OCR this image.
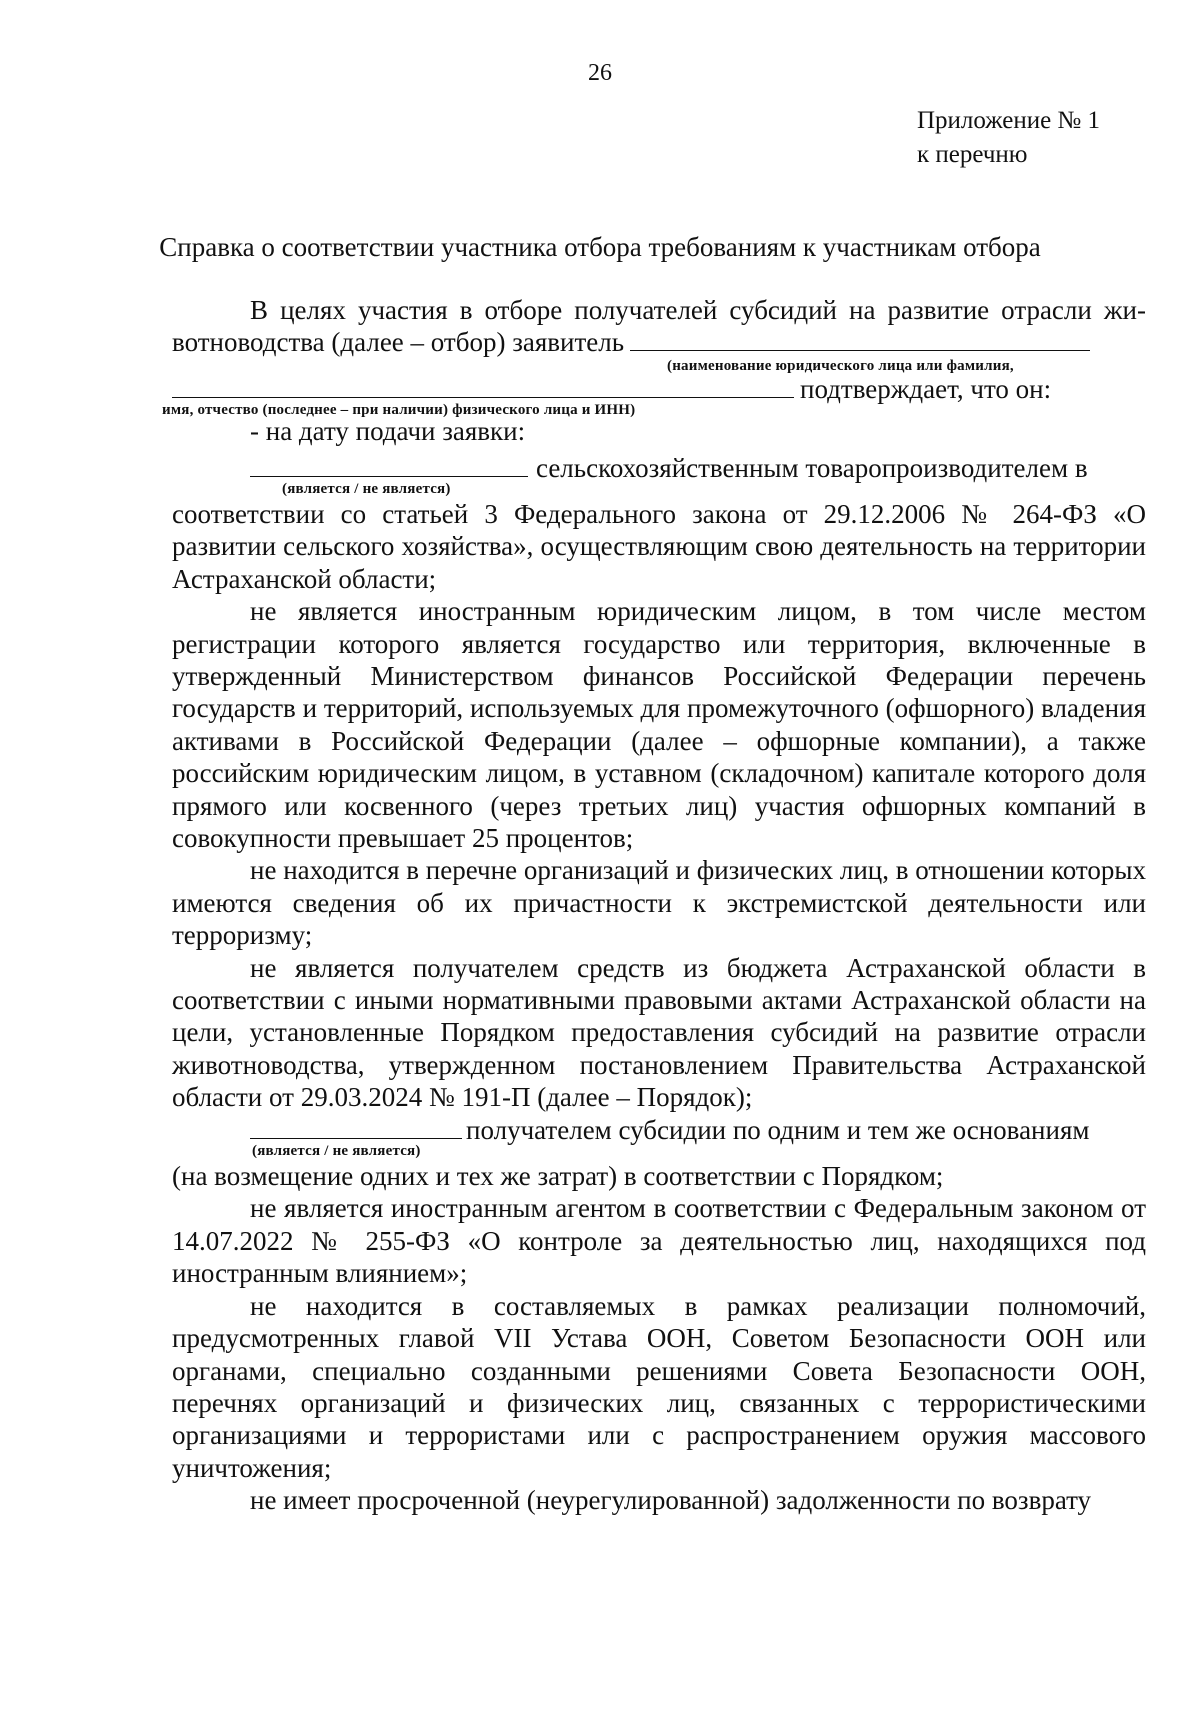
26
Приложение № 1
к перечню
Справка о соответствии участника отбора требованиям к участникам отбора

В целях участия в отборе получателей субсидий на развитие отрасли жи-

вотноводства (далее – отбор) заявитель
(наименование юридического лица или фамилия,
подтверждает, что он:
имя, отчество (последнее – при наличии) физического лица и ИНН)
- на дату подачи заявки:
сельскохозяйственным товаропроизводителем в
(является / не является)

соответствии со статьей 3 Федерального закона от 29.12.2006 № 264-ФЗ «О развитии сельского хозяйства», осуществляющим свою деятельность на территории Астраханской области;

не является иностранным юридическим лицом, в том числе местом регистрации которого является государство или территория, включенные в утвержденный Министерством финансов Российской Федерации перечень государств и территорий, используемых для промежуточного (офшорного) владения активами в Российской Федерации (далее – офшорные компании), а также российским юридическим лицом, в уставном (складочном) капитале которого доля прямого или косвенного (через третьих лиц) участия офшорных компаний в совокупности превышает 25 процентов;

не находится в перечне организаций и физических лиц, в отношении которых имеются сведения об их причастности к экстремистской деятельности или терроризму;

не является получателем средств из бюджета Астраханской области в соответствии с иными нормативными правовыми актами Астраханской области на цели, установленные Порядком предоставления субсидий на развитие отрасли животноводства, утвержденном постановлением Правительства Астраханской области от 29.03.2024 № 191-П (далее – Порядок);

получателем субсидии по одним и тем же основаниям
(является / не является)

(на возмещение одних и тех же затрат) в соответствии с Порядком;

не является иностранным агентом в соответствии с Федеральным законом от 14.07.2022 № 255-ФЗ «О контроле за деятельностью лиц, находящихся под иностранным влиянием»;

не находится в составляемых в рамках реализации полномочий, предусмотренных главой VII Устава ООН, Советом Безопасности ООН или органами, специально созданными решениями Совета Безопасности ООН, перечнях организаций и физических лиц, связанных с террористическими организациями и террористами или с распространением оружия массового уничтожения;

не имеет просроченной (неурегулированной) задолженности по возврату
